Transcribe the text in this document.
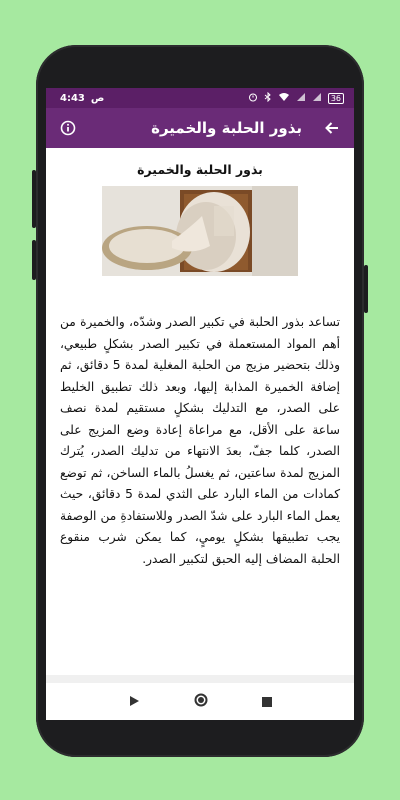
4:43 ص	36
بذور الحلبة والخميرة
بذور الحلبة والخميرة
تساعد بذور الحلبة في تكبير الصدر وشدّه، والخميرة من أهم المواد المستعملة في تكبير الصدر بشكلٍ طبيعي، وذلك بتحضير مزيج من الحلبة المغلية لمدة 5 دقائق، ثم إضافة الخميرة المذابة إليها، وبعد ذلك تطبيق الخليط على الصدر، مع التدليك بشكلٍ مستقيم لمدة نصف ساعة على الأقل، مع مراعاة إعادة وضع المزيج على الصدر، كلما جفّ، بعدَ الانتهاء من تدليك الصدر، يُترك المزيج لمدة ساعتين، ثم يغسلُ بالماء الساخن، ثم توضع كمادات من الماء البارد على الثدي لمدة 5 دقائق، حيث يعمل الماء البارد على شدّ الصدر وللاستفادةِ من الوصفة يجب تطبيقها بشكلٍ يوميٍ، كما يمكن شرب منقوع الحلبة المضاف إليه الحبق لتكبير الصدر.
